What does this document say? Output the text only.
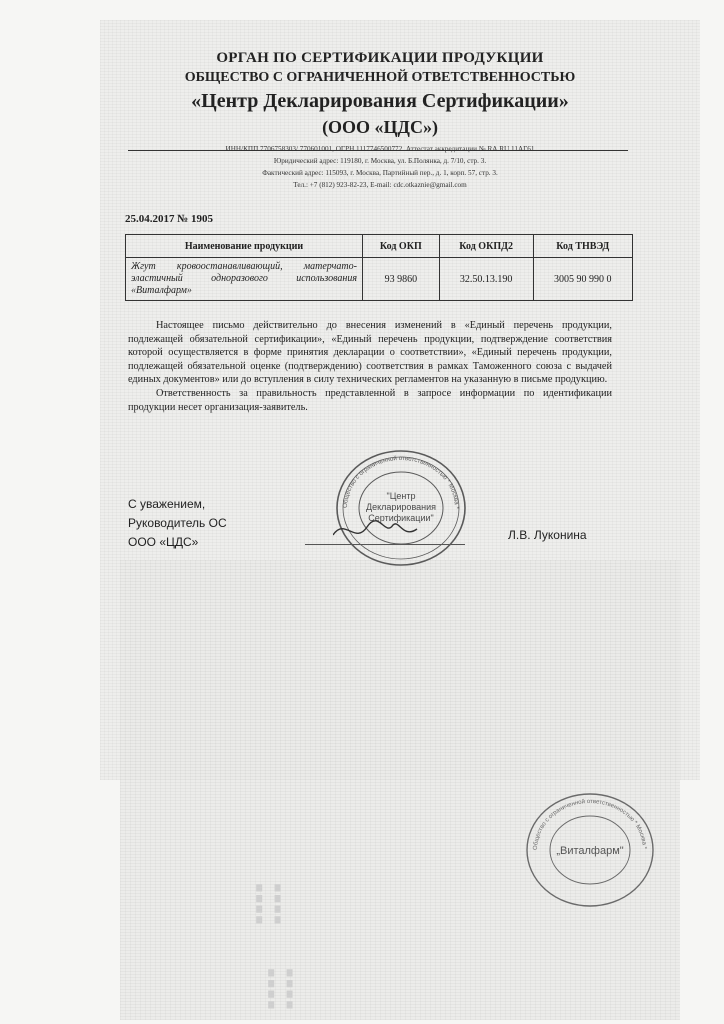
ОРГАН ПО СЕРТИФИКАЦИИ ПРОДУКЦИИ

ОБЩЕСТВО С ОГРАНИЧЕННОЙ ОТВЕТСТВЕННОСТЬЮ

«Центр Декларирования Сертификации»

(ООО «ЦДС»)

ИНН/КПП 7706758303/ 770601001, ОГРН 1117746500772. Аттестат аккредитации № RA.RU.11АГ61
Юридический адрес: 119180, г. Москва, ул. Б.Полянка, д. 7/10, стр. 3.
Фактический адрес: 115093, г. Москва, Партийный пер., д. 1, корп. 57, стр. 3.
Тел.: +7 (812) 923-82-23, E-mail: cdc.otkaznie@gmail.com
25.04.2017 № 1905
Наименование продукции	Код ОКП	Код ОКПД2	Код ТНВЭД
Жгут кровоостанавливающий, матерчато-эластичный одноразового использования «Виталфарм»	93 9860	32.50.13.190	3005 90 990 0

Настоящее письмо действительно до внесения изменений в «Единый перечень продукции, подлежащей обязательной сертификации», «Единый перечень продукции, подтверждение соответствия которой осуществляется в форме принятия декларации о соответствии», «Единый перечень продукции, подлежащей обязательной оценке (подтверждению) соответствия в рамках Таможенного союза с выдачей единых документов» или до вступления в силу технических регламентов на указанную в письме продукцию.

Ответственность за правильность представленной в запросе информации по идентификации продукции несет организация-заявитель.

С уважением,
Руководитель ОС
ООО «ЦДС»	Л.В. Луконина
Общество с ограниченной ответственностью * Москва *
"Центр
Декларирования
Сертификации"
Общество с ограниченной ответственностью * Москва *
„Виталфарм"
⁞⁞
⁞⁞
